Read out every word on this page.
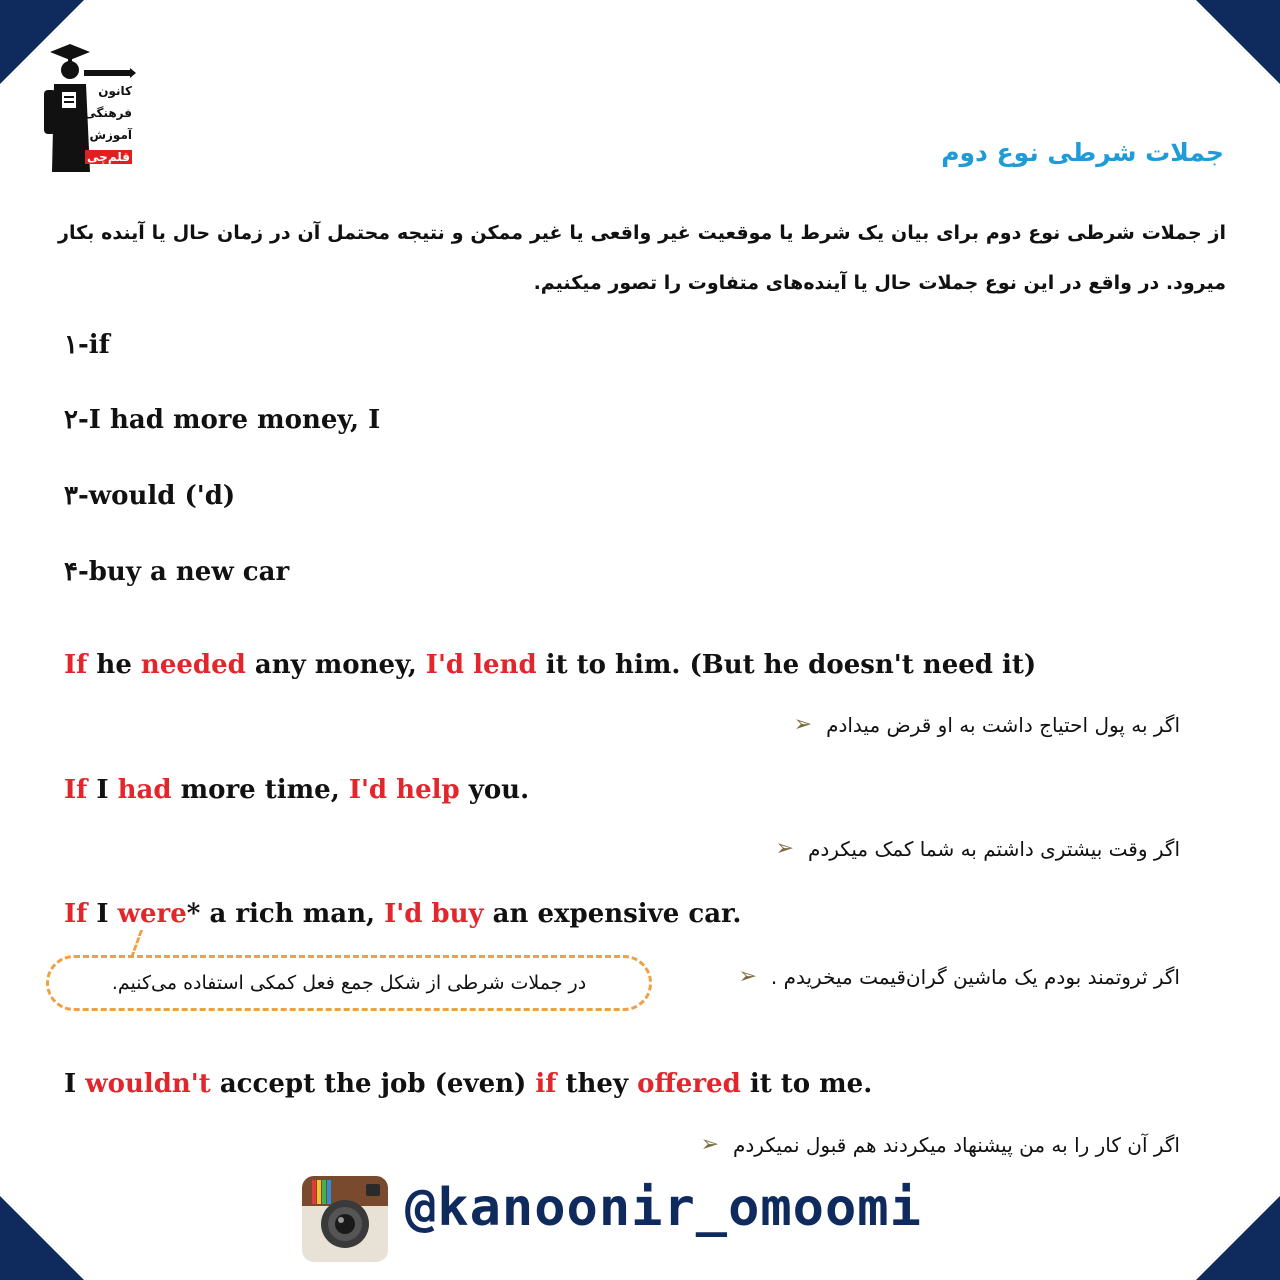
کانون
فرهنگی
آموزش
قلم‌چی	جملات شرطی نوع دوم
از جملات شرطی نوع دوم برای بیان یک شرط یا موقعیت غیر واقعی یا غیر ممکن و نتیجه محتمل آن در زمان حال یا آینده بکار میرود. در واقع در این نوع جملات حال یا آینده‌های متفاوت را تصور میکنیم.
۱-if
۲-I had more money, I
۳-would ('d)
۴-buy a new car
If he needed any money, I'd lend it to him. (But he doesn't need it)
➢ اگر به پول احتیاج داشت به او قرض میدادم
If I had more time, I'd help you.
➢ اگر وقت بیشتری داشتم به شما کمک میکردم
If I were* a rich man, I'd buy an expensive car.
در جملات شرطی از شکل جمع فعل کمکی استفاده می‌کنیم.	➢ اگر ثروتمند بودم یک ماشین گران‌قیمت میخریدم .
I wouldn't accept the job (even) if they offered it to me.
➢ اگر آن کار را به من پیشنهاد میکردند هم قبول نمیکردم
@kanoonir_omoomi
